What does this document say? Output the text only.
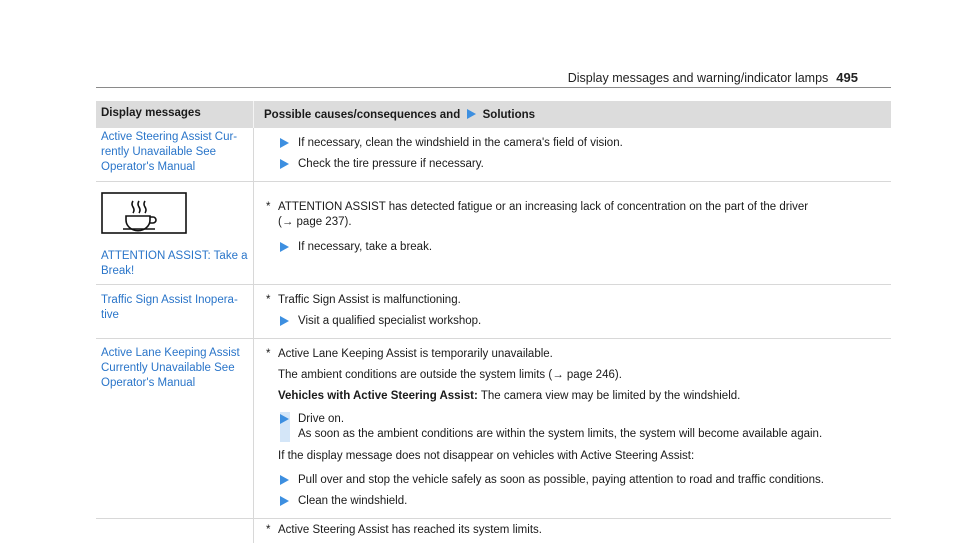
Display messages and warning/indicator lamps 495
Display messages	Possible causes/consequences and Solutions
Active Steering Assist Cur-
rently Unavailable See
Operator's Manual
If necessary, clean the windshield in the camera's field of vision.
Check the tire pressure if necessary.
ATTENTION ASSIST: Take a
Break!
* ATTENTION ASSIST has detected fatigue or an increasing lack of concentration on the part of the driver
(→ page 237).
If necessary, take a break.
Traffic Sign Assist Inopera-
tive
* Traffic Sign Assist is malfunctioning.
Visit a qualified specialist workshop.
Active Lane Keeping Assist
Currently Unavailable See
Operator's Manual
* Active Lane Keeping Assist is temporarily unavailable.
The ambient conditions are outside the system limits (→ page 246).
Vehicles with Active Steering Assist: The camera view may be limited by the windshield.
Drive on.
As soon as the ambient conditions are within the system limits, the system will become available again.
If the display message does not disappear on vehicles with Active Steering Assist:
Pull over and stop the vehicle safely as soon as possible, paying attention to road and traffic conditions.
Clean the windshield.
* Active Steering Assist has reached its system limits.
